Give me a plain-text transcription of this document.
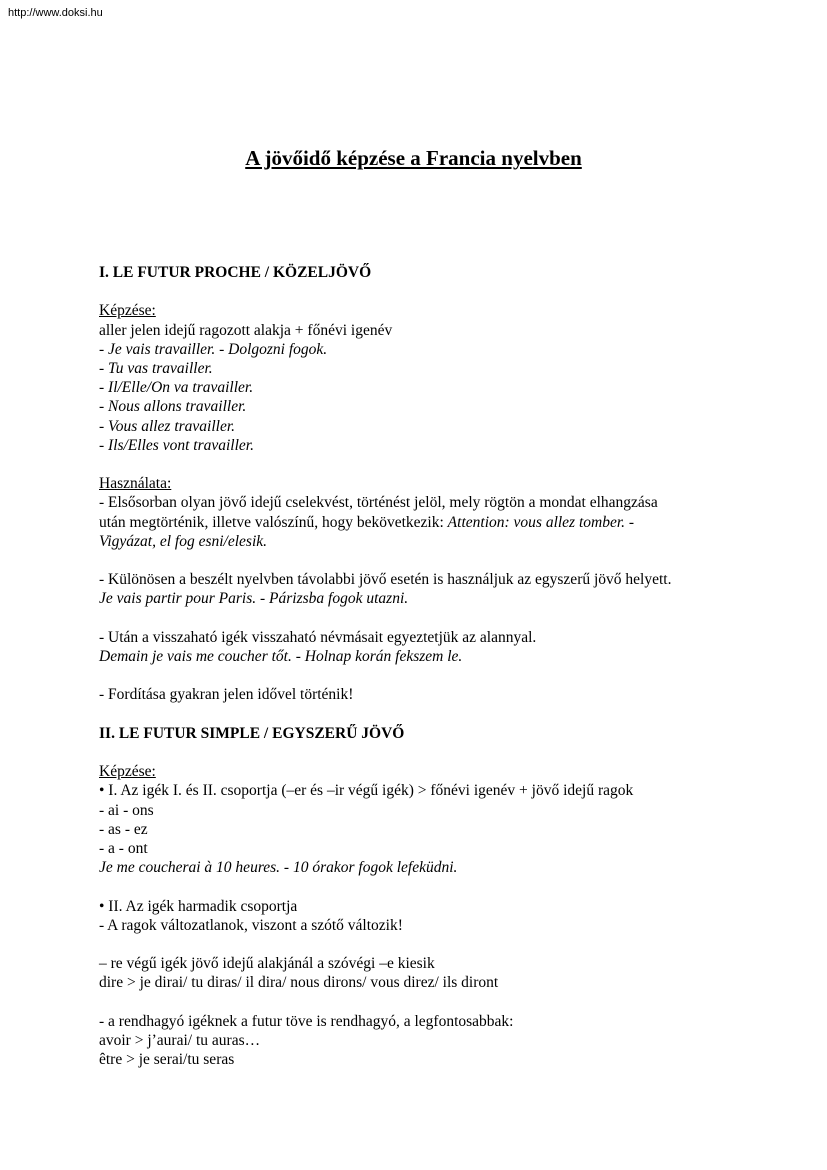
http://www.doksi.hu
A jövőidő képzése a Francia nyelvben
I. LE FUTUR PROCHE / KÖZELJÖVŐ
Képzése:
aller jelen idejű ragozott alakja + főnévi igenév
- Je vais travailler. - Dolgozni fogok.
- Tu vas travailler.
- Il/Elle/On va travailler.
- Nous allons travailler.
- Vous allez travailler.
- Ils/Elles vont travailler.
Használata:
- Elsősorban olyan jövő idejű cselekvést, történést jelöl, mely rögtön a mondat elhangzása
után megtörténik, illetve valószínű, hogy bekövetkezik: Attention: vous allez tomber. -
Vigyázat, el fog esni/elesik.
- Különösen a beszélt nyelvben távolabbi jövő esetén is használjuk az egyszerű jövő helyett.
Je vais partir pour Paris. - Párizsba fogok utazni.
- Után a visszaható igék visszaható névmásait egyeztetjük az alannyal.
Demain je vais me coucher tőt. - Holnap korán fekszem le.
- Fordítása gyakran jelen idővel történik!
II. LE FUTUR SIMPLE / EGYSZERŰ JÖVŐ
Képzése:
• I. Az igék I. és II. csoportja (–er és –ir végű igék) > főnévi igenév + jövő idejű ragok
- ai - ons
- as - ez
- a - ont
Je me coucherai à 10 heures. - 10 órakor fogok lefeküdni.
• II. Az igék harmadik csoportja
- A ragok változatlanok, viszont a szótő változik!
– re végű igék jövő idejű alakjánál a szóvégi –e kiesik
dire > je dirai/ tu diras/ il dira/ nous dirons/ vous direz/ ils diront
- a rendhagyó igéknek a futur töve is rendhagyó, a legfontosabbak:
avoir > j’aurai/ tu auras…
être > je serai/tu seras
